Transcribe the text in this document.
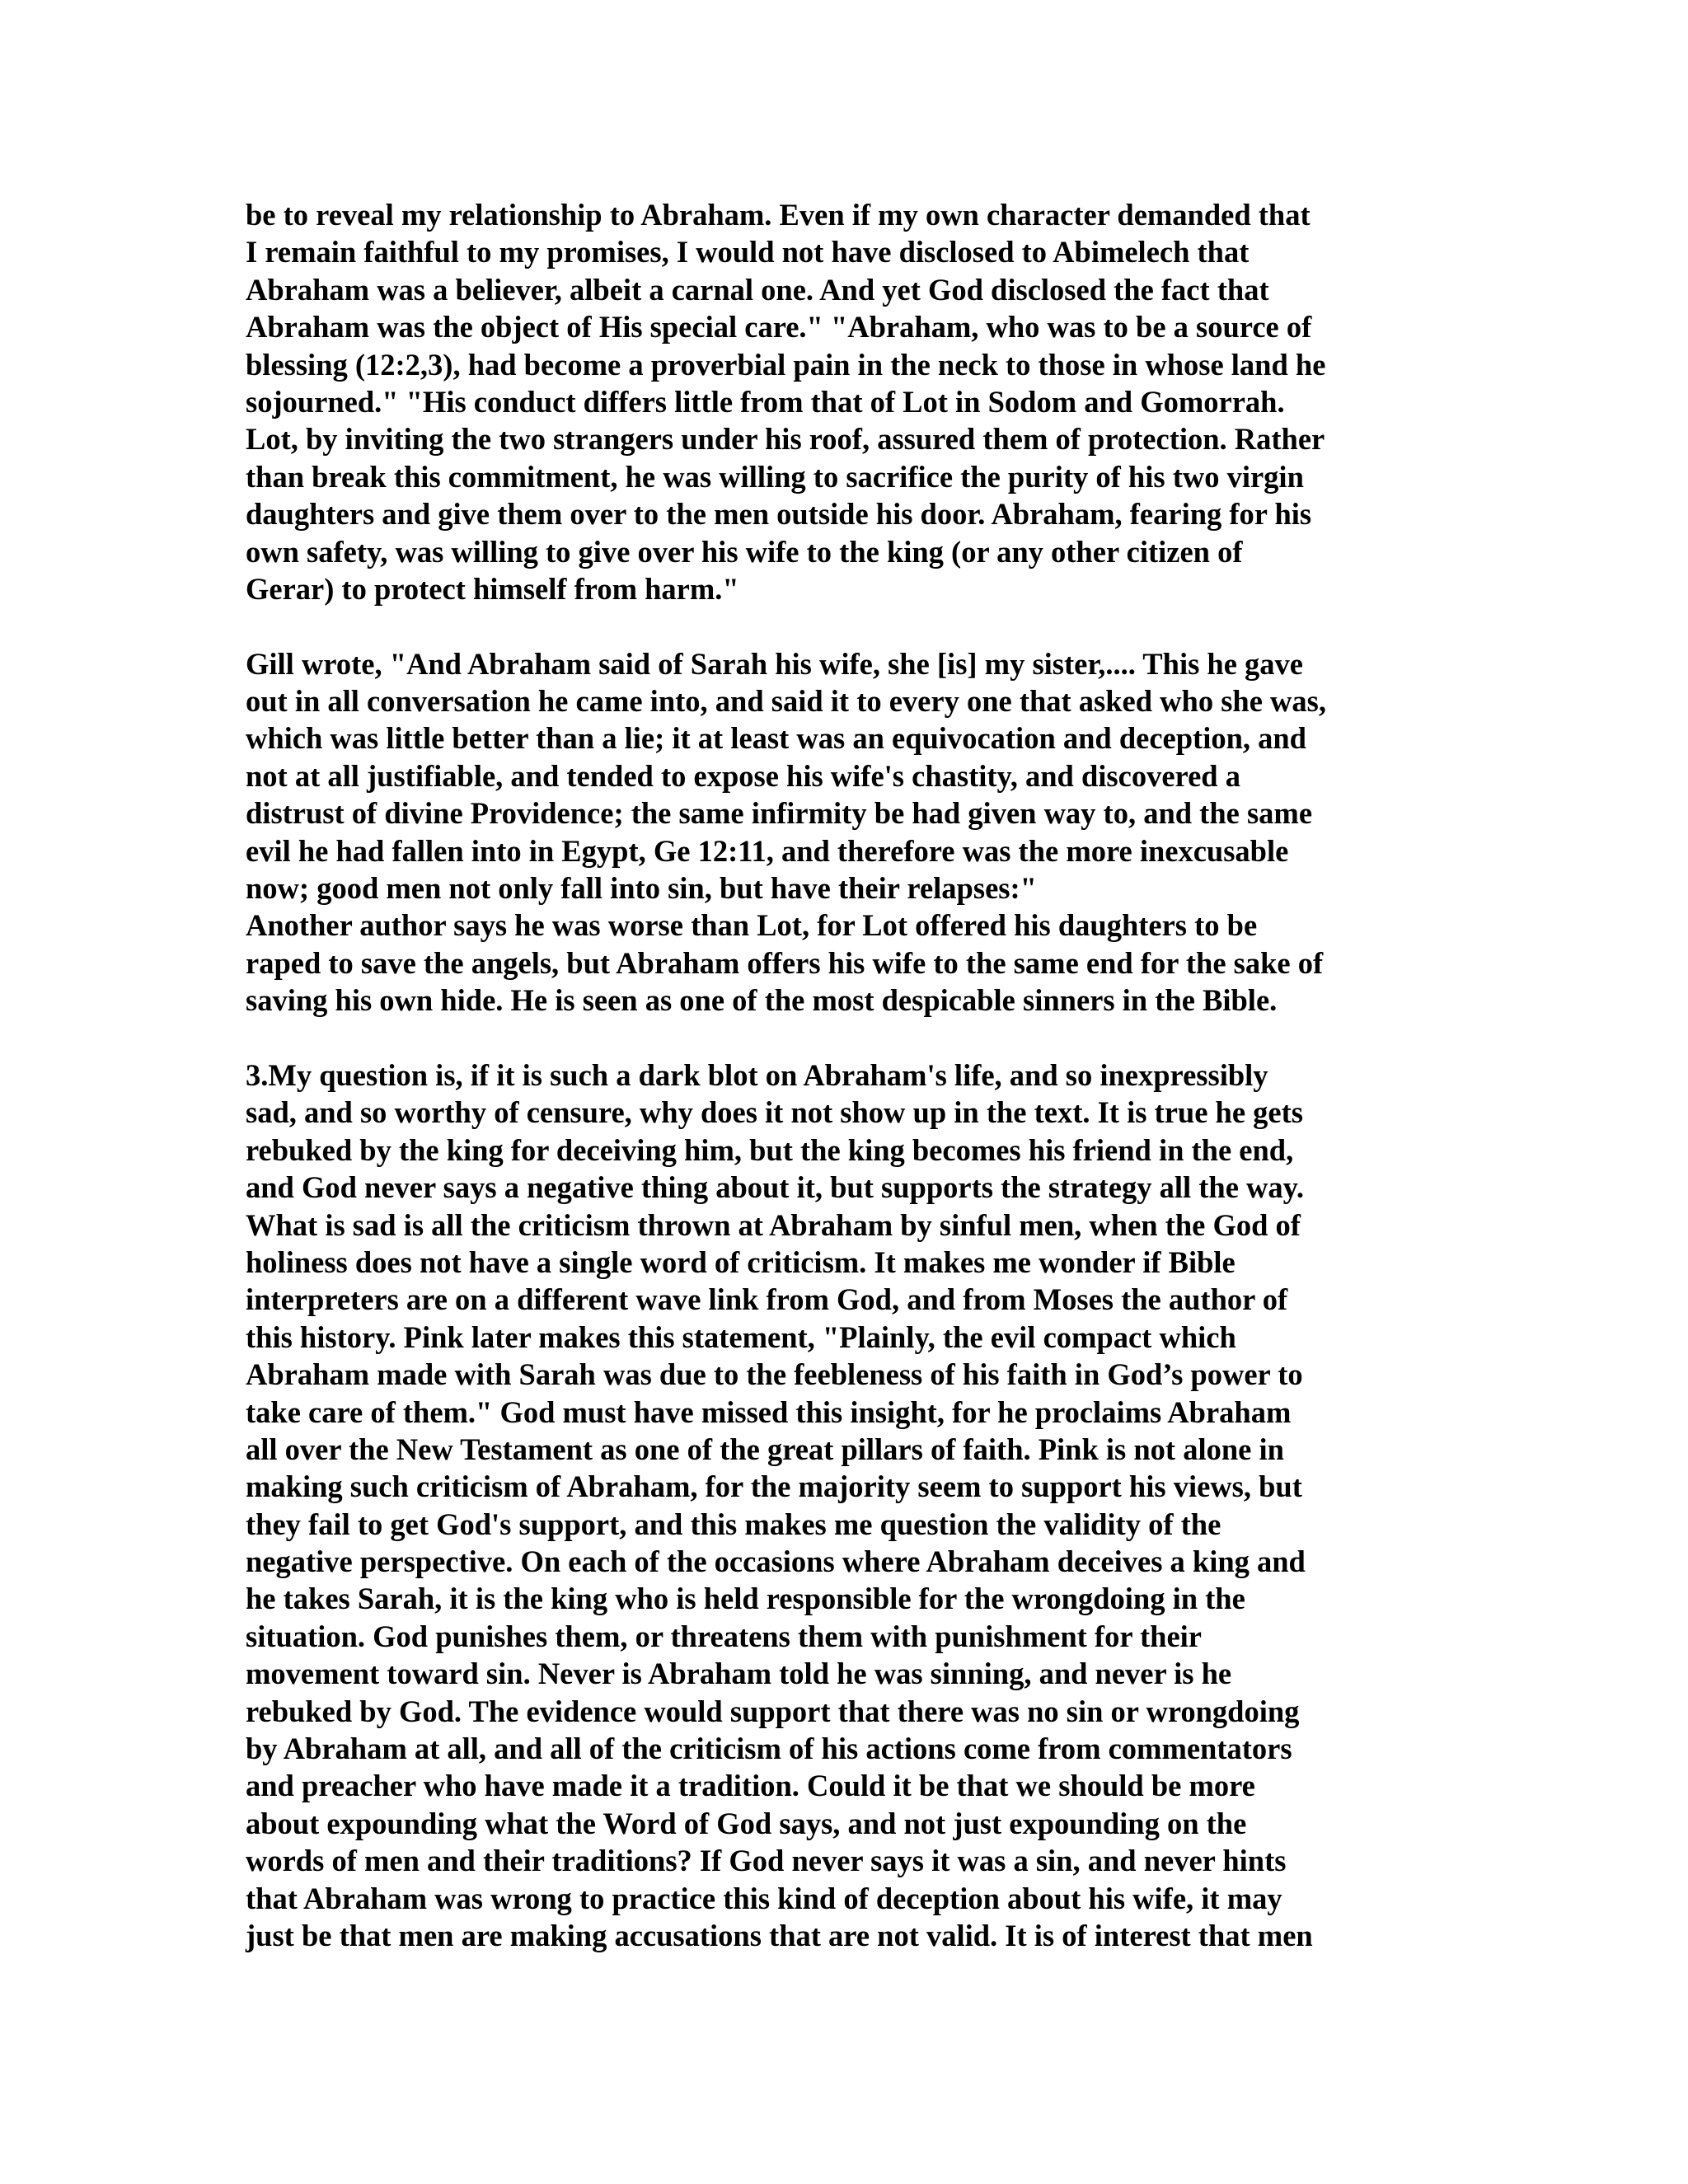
be to reveal my relationship to Abraham. Even if my own character demanded that
I remain faithful to my promises, I would not have disclosed to Abimelech that
Abraham was a believer, albeit a carnal one. And yet God disclosed the fact that
Abraham was the object of His special care." "Abraham, who was to be a source of
blessing (12:2,3), had become a proverbial pain in the neck to those in whose land he
sojourned." "His conduct differs little from that of Lot in Sodom and Gomorrah.
Lot, by inviting the two strangers under his roof, assured them of protection. Rather
than break this commitment, he was willing to sacrifice the purity of his two virgin
daughters and give them over to the men outside his door. Abraham, fearing for his
own safety, was willing to give over his wife to the king (or any other citizen of
Gerar) to protect himself from harm."
Gill wrote, "And Abraham said of Sarah his wife, she [is] my sister,.... This he gave
out in all conversation he came into, and said it to every one that asked who she was,
which was little better than a lie; it at least was an equivocation and deception, and
not at all justifiable, and tended to expose his wife's chastity, and discovered a
distrust of divine Providence; the same infirmity be had given way to, and the same
evil he had fallen into in Egypt, Ge 12:11, and therefore was the more inexcusable
now; good men not only fall into sin, but have their relapses:"
Another author says he was worse than Lot, for Lot offered his daughters to be
raped to save the angels, but Abraham offers his wife to the same end for the sake of
saving his own hide. He is seen as one of the most despicable sinners in the Bible.
3.My question is, if it is such a dark blot on Abraham's life, and so inexpressibly
sad, and so worthy of censure, why does it not show up in the text. It is true he gets
rebuked by the king for deceiving him, but the king becomes his friend in the end,
and God never says a negative thing about it, but supports the strategy all the way.
What is sad is all the criticism thrown at Abraham by sinful men, when the God of
holiness does not have a single word of criticism. It makes me wonder if Bible
interpreters are on a different wave link from God, and from Moses the author of
this history. Pink later makes this statement, "Plainly, the evil compact which
Abraham made with Sarah was due to the feebleness of his faith in God’s power to
take care of them." God must have missed this insight, for he proclaims Abraham
all over the New Testament as one of the great pillars of faith. Pink is not alone in
making such criticism of Abraham, for the majority seem to support his views, but
they fail to get God's support, and this makes me question the validity of the
negative perspective. On each of the occasions where Abraham deceives a king and
he takes Sarah, it is the king who is held responsible for the wrongdoing in the
situation. God punishes them, or threatens them with punishment for their
movement toward sin. Never is Abraham told he was sinning, and never is he
rebuked by God. The evidence would support that there was no sin or wrongdoing
by Abraham at all, and all of the criticism of his actions come from commentators
and preacher who have made it a tradition. Could it be that we should be more
about expounding what the Word of God says, and not just expounding on the
words of men and their traditions? If God never says it was a sin, and never hints
that Abraham was wrong to practice this kind of deception about his wife, it may
just be that men are making accusations that are not valid. It is of interest that men
